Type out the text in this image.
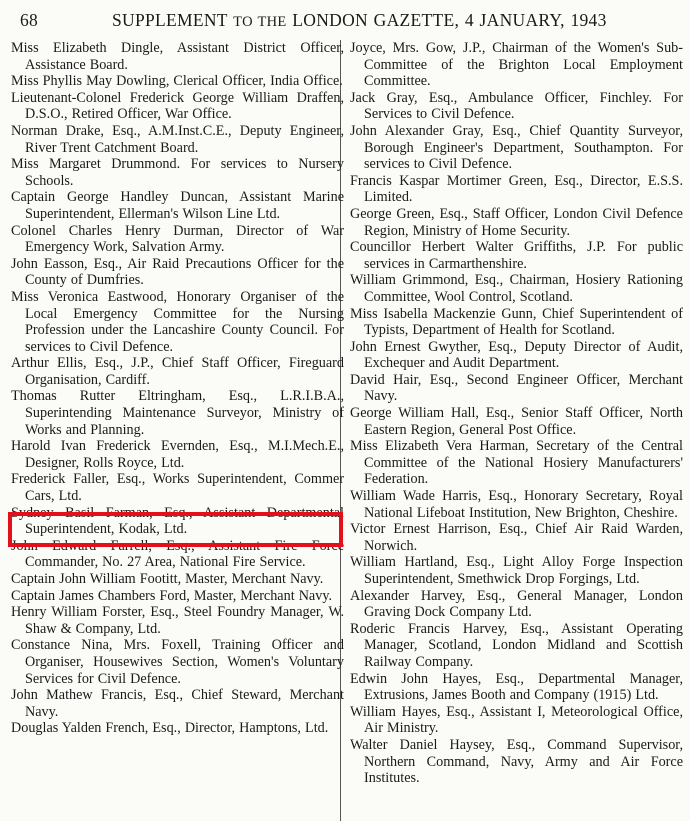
68	SUPPLEMENT TO THE LONDON GAZETTE, 4 JANUARY, 1943

Miss Elizabeth Dingle, Assistant District Officer, Assistance Board.

Miss Phyllis May Dowling, Clerical Officer, India Office.

Lieutenant-Colonel Frederick George William Draffen, D.S.O., Retired Officer, War Office.

Norman Drake, Esq., A.M.Inst.C.E., Deputy Engineer, River Trent Catchment Board.

Miss Margaret Drummond. For services to Nursery Schools.

Captain George Handley Duncan, Assistant Marine Superintendent, Ellerman's Wilson Line Ltd.

Colonel Charles Henry Durman, Director of War Emergency Work, Salvation Army.

John Easson, Esq., Air Raid Precautions Officer for the County of Dumfries.

Miss Veronica Eastwood, Honorary Organiser of the Local Emergency Committee for the Nursing Profession under the Lancashire County Council. For services to Civil Defence.

Arthur Ellis, Esq., J.P., Chief Staff Officer, Fireguard Organisation, Cardiff.

Thomas Rutter Eltringham, Esq., L.R.I.B.A., Superintending Maintenance Surveyor, Ministry of Works and Planning.

Harold Ivan Frederick Evernden, Esq., M.I.Mech.E., Designer, Rolls Royce, Ltd.

Frederick Faller, Esq., Works Superintendent, Commer Cars, Ltd.

Sydney Basil Farman, Esq., Assistant Departmental Superintendent, Kodak, Ltd.

John Edward Farrell, Esq., Assistant Fire Force Commander, No. 27 Area, National Fire Service.

Captain John William Footitt, Master, Merchant Navy.

Captain James Chambers Ford, Master, Merchant Navy.

Henry William Forster, Esq., Steel Foundry Manager, W. Shaw & Company, Ltd.

Constance Nina, Mrs. Foxell, Training Officer and Organiser, Housewives Section, Women's Voluntary Services for Civil Defence.

John Mathew Francis, Esq., Chief Steward, Merchant Navy.

Douglas Yalden French, Esq., Director, Hamptons, Ltd.

Joyce, Mrs. Gow, J.P., Chairman of the Women's Sub-Committee of the Brighton Local Employment Committee.

Jack Gray, Esq., Ambulance Officer, Finchley. For Services to Civil Defence.

John Alexander Gray, Esq., Chief Quantity Surveyor, Borough Engineer's Department, Southampton. For services to Civil Defence.

Francis Kaspar Mortimer Green, Esq., Director, E.S.S. Limited.

George Green, Esq., Staff Officer, London Civil Defence Region, Ministry of Home Security.

Councillor Herbert Walter Griffiths, J.P. For public services in Carmarthenshire.

William Grimmond, Esq., Chairman, Hosiery Rationing Committee, Wool Control, Scotland.

Miss Isabella Mackenzie Gunn, Chief Superintendent of Typists, Department of Health for Scotland.

John Ernest Gwyther, Esq., Deputy Director of Audit, Exchequer and Audit Department.

David Hair, Esq., Second Engineer Officer, Merchant Navy.

George William Hall, Esq., Senior Staff Officer, North Eastern Region, General Post Office.

Miss Elizabeth Vera Harman, Secretary of the Central Committee of the National Hosiery Manufacturers' Federation.

William Wade Harris, Esq., Honorary Secretary, Royal National Lifeboat Institution, New Brighton, Cheshire.

Victor Ernest Harrison, Esq., Chief Air Raid Warden, Norwich.

William Hartland, Esq., Light Alloy Forge Inspection Superintendent, Smethwick Drop Forgings, Ltd.

Alexander Harvey, Esq., General Manager, London Graving Dock Company Ltd.

Roderic Francis Harvey, Esq., Assistant Operating Manager, Scotland, London Midland and Scottish Railway Company.

Edwin John Hayes, Esq., Departmental Manager, Extrusions, James Booth and Company (1915) Ltd.

William Hayes, Esq., Assistant I, Meteorological Office, Air Ministry.

Walter Daniel Haysey, Esq., Command Supervisor, Northern Command, Navy, Army and Air Force Institutes.
